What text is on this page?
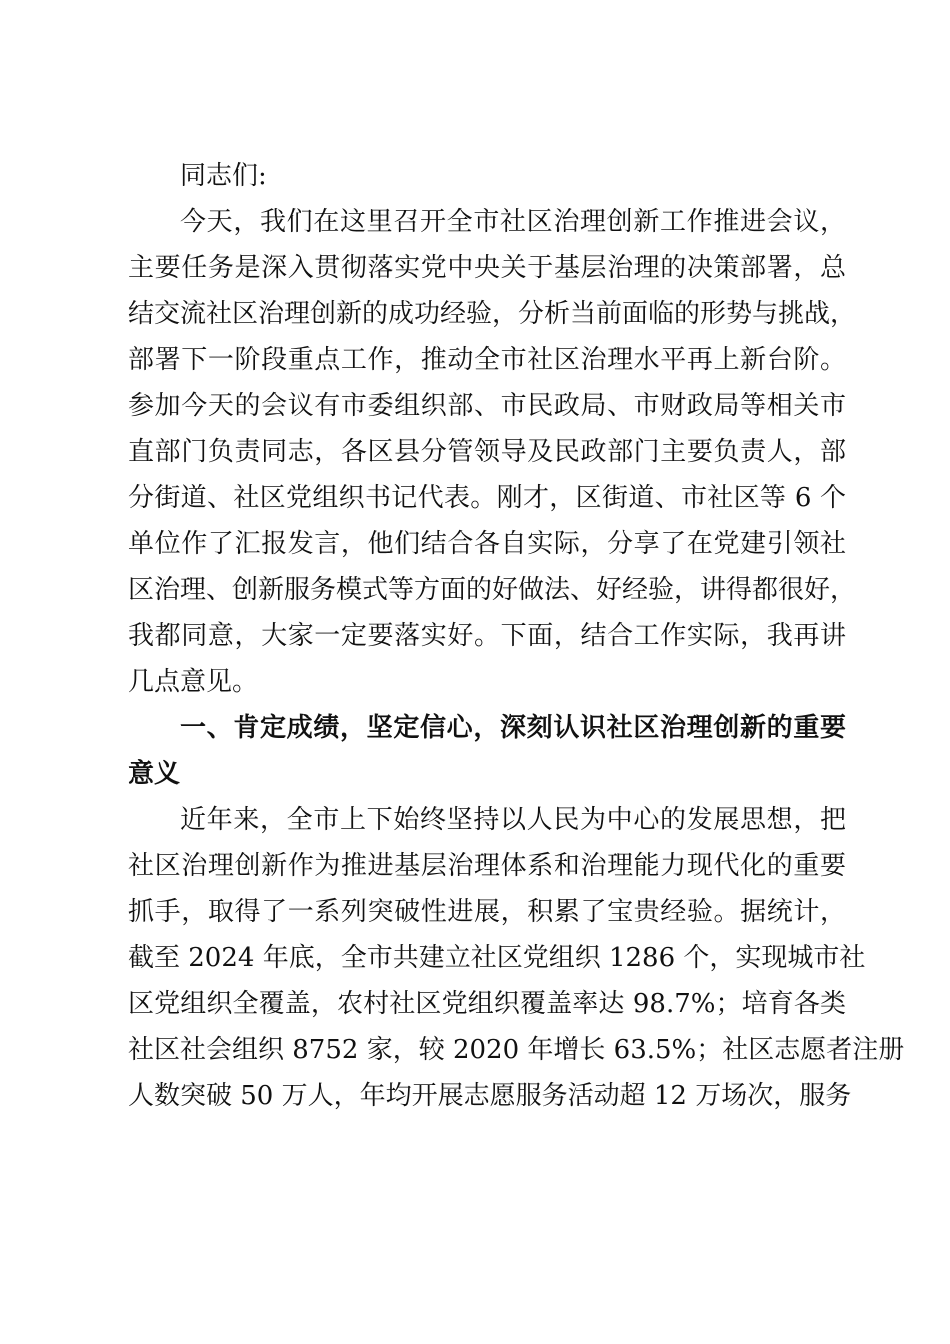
同志们:
今天，我们在这里召开全市社区治理创新工作推进会议，
主要任务是深入贯彻落实党中央关于基层治理的决策部署，总
结交流社区治理创新的成功经验，分析当前面临的形势与挑战，
部署下一阶段重点工作，推动全市社区治理水平再上新台阶。
参加今天的会议有市委组织部、市民政局、市财政局等相关市
直部门负责同志，各区县分管领导及民政部门主要负责人，部
分街道、社区党组织书记代表。刚才，区街道、市社区等 6 个
单位作了汇报发言，他们结合各自实际，分享了在党建引领社
区治理、创新服务模式等方面的好做法、好经验，讲得都很好，
我都同意，大家一定要落实好。下面，结合工作实际，我再讲
几点意见。
一、肯定成绩，坚定信心，深刻认识社区治理创新的重要
意义
近年来，全市上下始终坚持以人民为中心的发展思想，把
社区治理创新作为推进基层治理体系和治理能力现代化的重要
抓手，取得了一系列突破性进展，积累了宝贵经验。据统计，
截至 2024 年底，全市共建立社区党组织 1286 个，实现城市社
区党组织全覆盖，农村社区党组织覆盖率达 98.7%；培育各类
社区社会组织 8752 家，较 2020 年增长 63.5%；社区志愿者注册
人数突破 50 万人，年均开展志愿服务活动超 12 万场次，服务
